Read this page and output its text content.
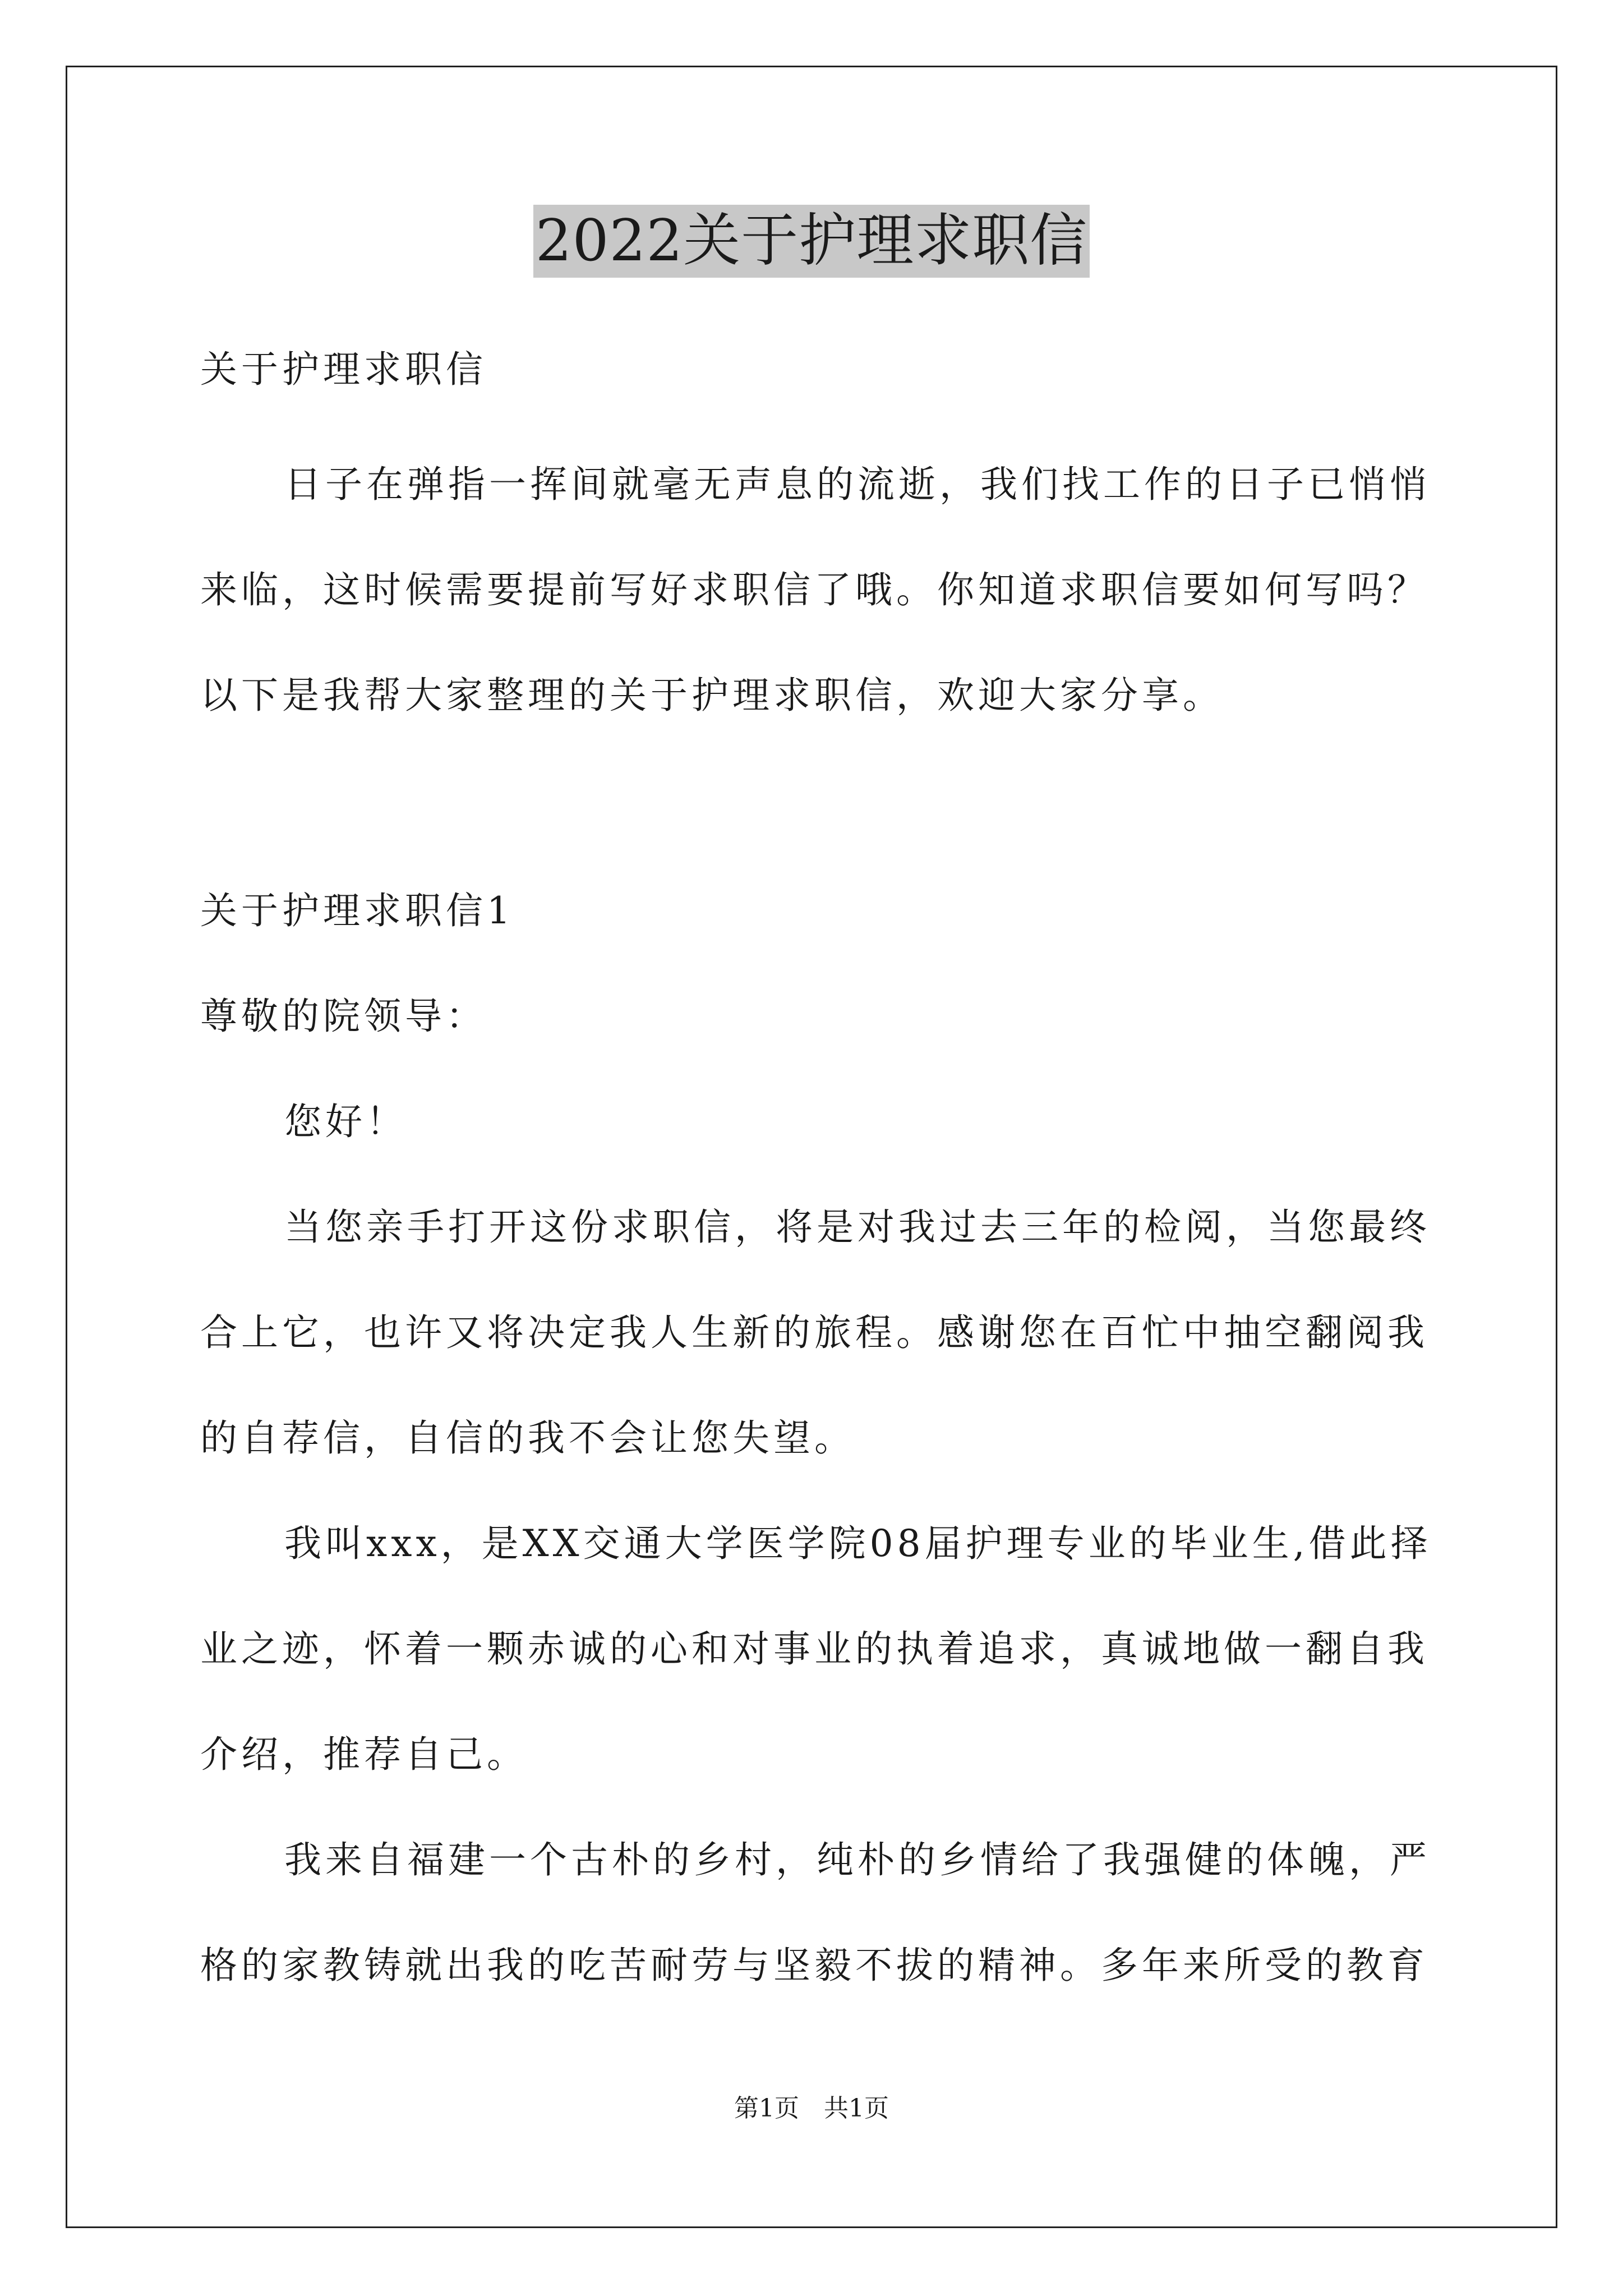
2022关于护理求职信
关于护理求职信
日子在弹指一挥间就毫无声息的流逝，我们找工作的日子已悄悄
来临，这时候需要提前写好求职信了哦。你知道求职信要如何写吗？
以下是我帮大家整理的关于护理求职信，欢迎大家分享。
关于护理求职信1
尊敬的院领导：
您好！
当您亲手打开这份求职信，将是对我过去三年的检阅，当您最终
合上它，也许又将决定我人生新的旅程。感谢您在百忙中抽空翻阅我
的自荐信，自信的我不会让您失望。
我叫xxx，是XX交通大学医学院08届护理专业的毕业生,借此择
业之迹，怀着一颗赤诚的心和对事业的执着追求，真诚地做一翻自我
介绍，推荐自己。
我来自福建一个古朴的乡村，纯朴的乡情给了我强健的体魄，严
格的家教铸就出我的吃苦耐劳与坚毅不拔的精神。多年来所受的教育
第1页　共1页
